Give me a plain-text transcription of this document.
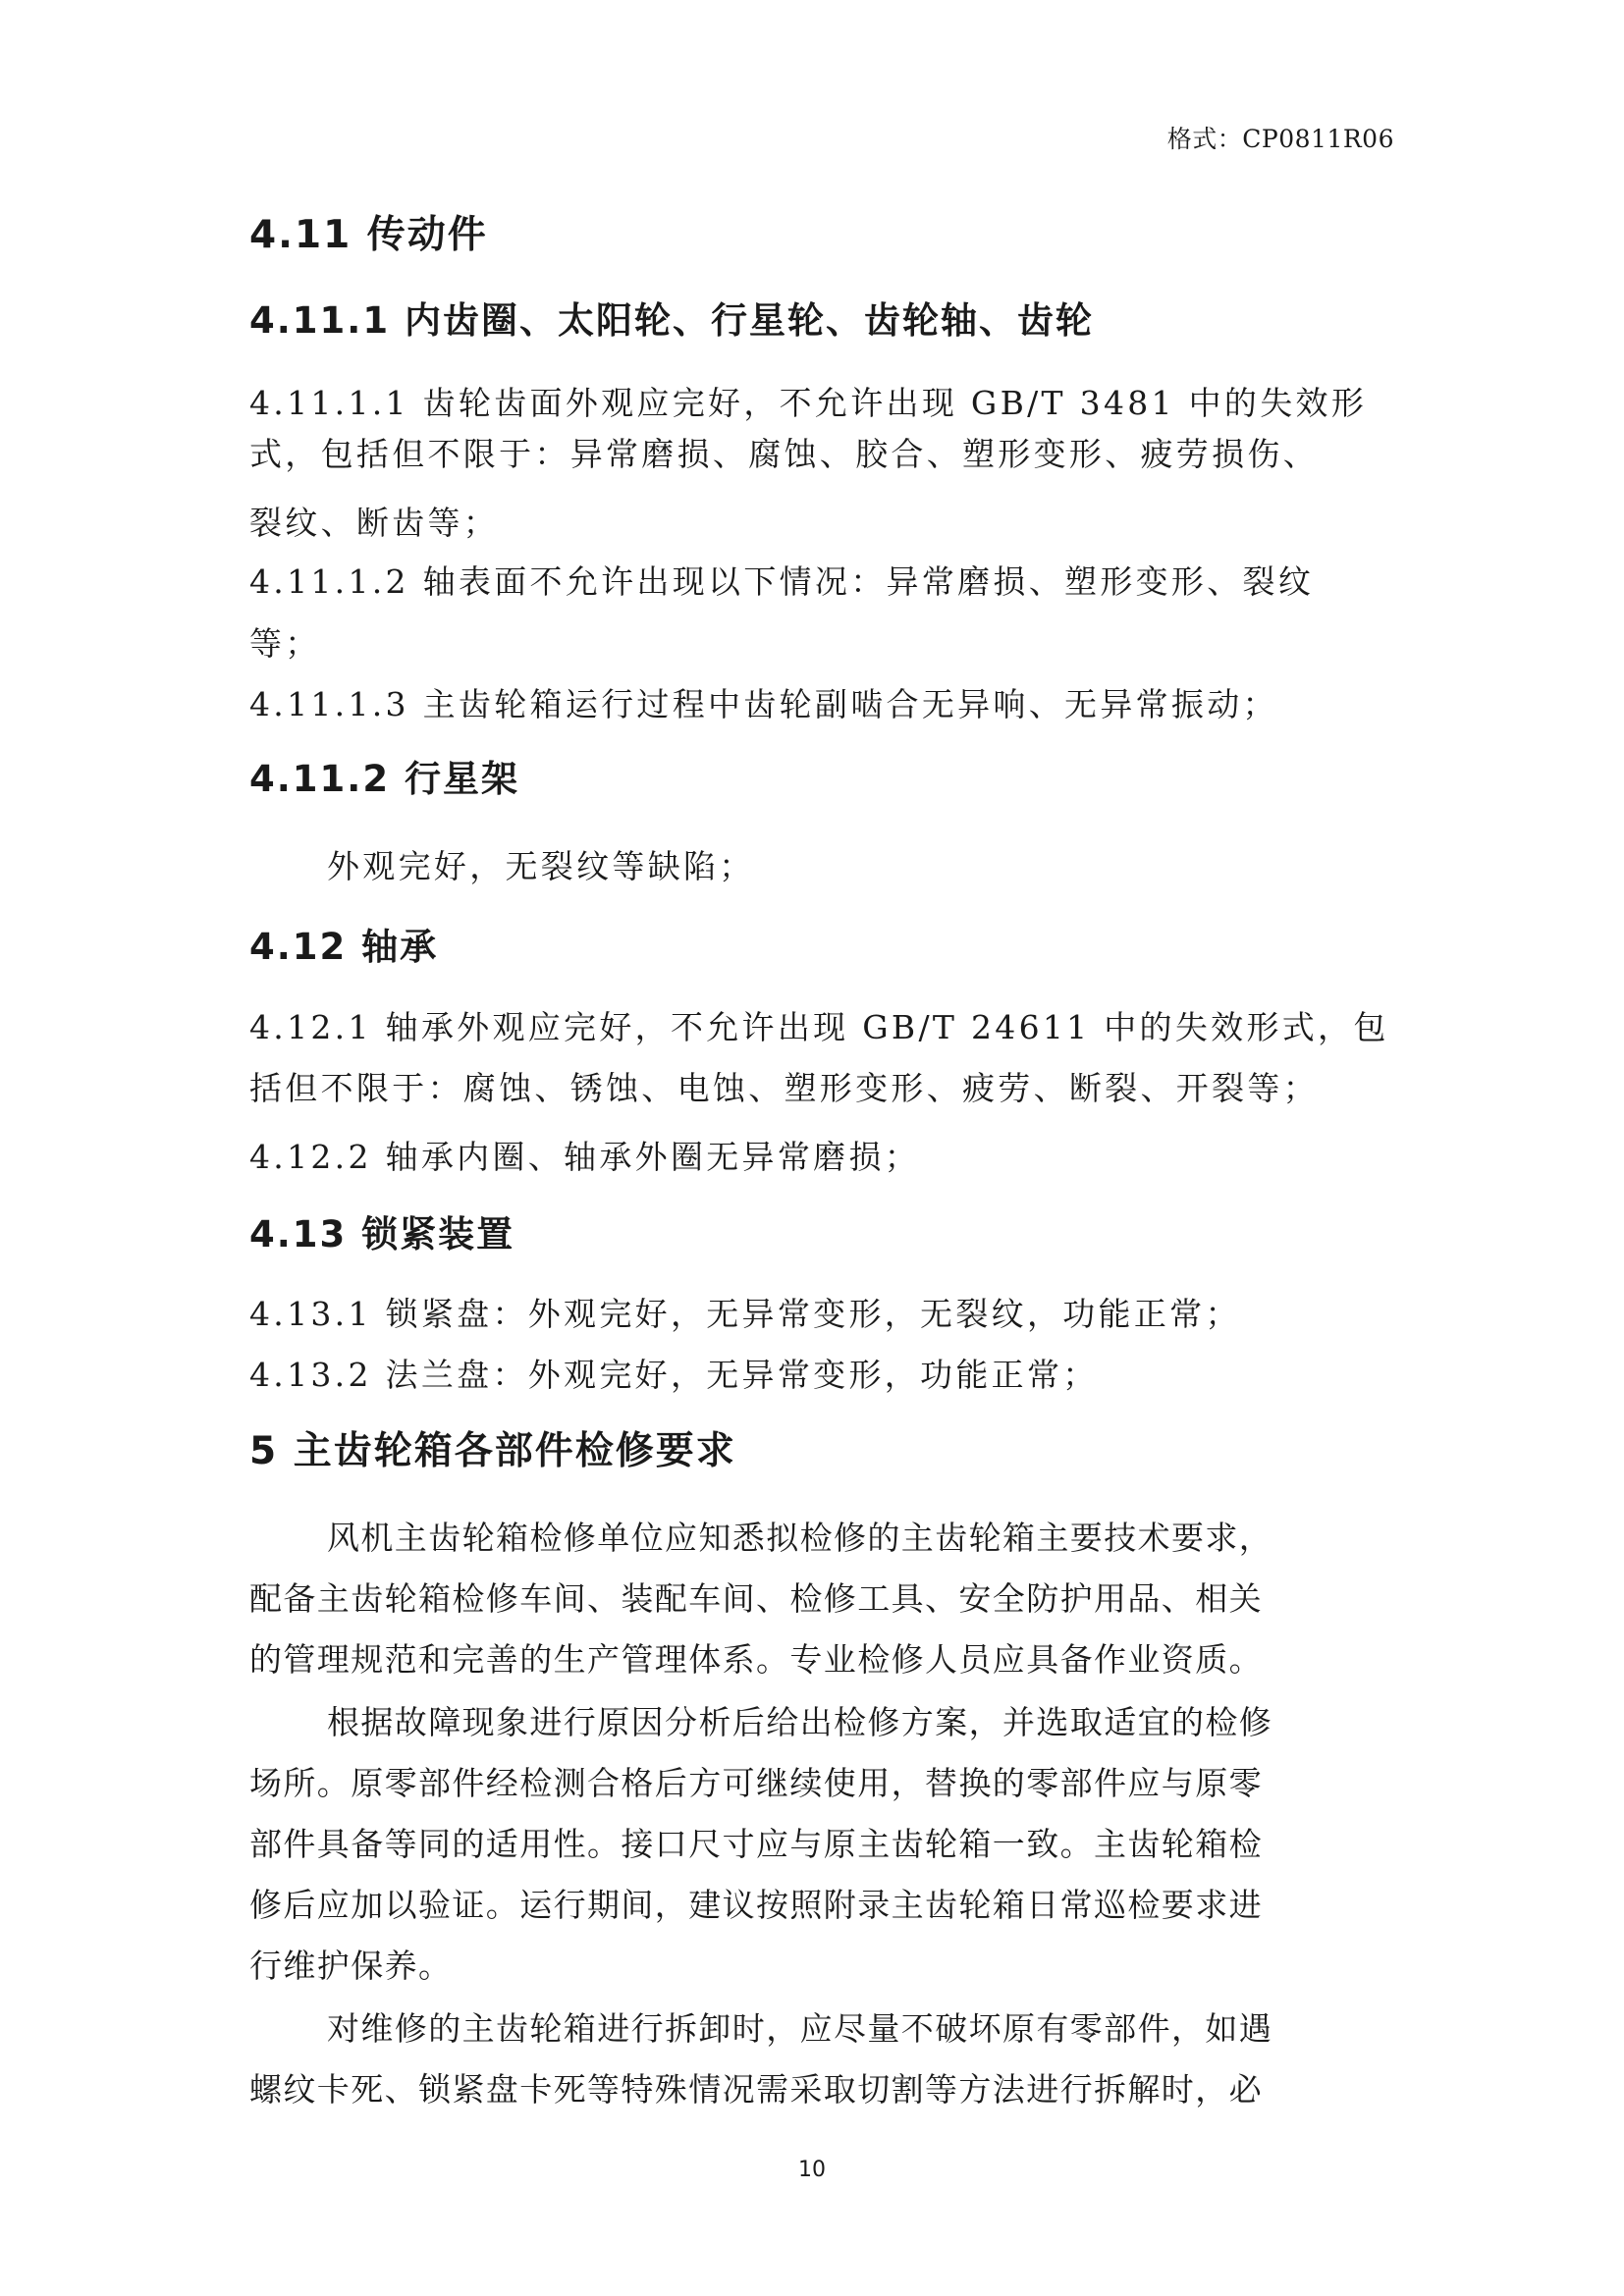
格式：CP0811R06
4.11 传动件
4.11.1 内齿圈、太阳轮、行星轮、齿轮轴、齿轮
4.11.1.1 齿轮齿面外观应完好，不允许出现 GB/T 3481 中的失效形
式，包括但不限于：异常磨损、腐蚀、胶合、塑形变形、疲劳损伤、
裂纹、断齿等；
4.11.1.2 轴表面不允许出现以下情况：异常磨损、塑形变形、裂纹
等；
4.11.1.3 主齿轮箱运行过程中齿轮副啮合无异响、无异常振动；
4.11.2 行星架
外观完好，无裂纹等缺陷；
4.12 轴承
4.12.1 轴承外观应完好，不允许出现 GB/T 24611 中的失效形式，包
括但不限于：腐蚀、锈蚀、电蚀、塑形变形、疲劳、断裂、开裂等；
4.12.2 轴承内圈、轴承外圈无异常磨损；
4.13 锁紧装置
4.13.1 锁紧盘：外观完好，无异常变形，无裂纹，功能正常；
4.13.2 法兰盘：外观完好，无异常变形，功能正常；
5 主齿轮箱各部件检修要求
风机主齿轮箱检修单位应知悉拟检修的主齿轮箱主要技术要求，
配备主齿轮箱检修车间、装配车间、检修工具、安全防护用品、相关
的管理规范和完善的生产管理体系。专业检修人员应具备作业资质。
根据故障现象进行原因分析后给出检修方案，并选取适宜的检修
场所。原零部件经检测合格后方可继续使用，替换的零部件应与原零
部件具备等同的适用性。接口尺寸应与原主齿轮箱一致。主齿轮箱检
修后应加以验证。运行期间，建议按照附录主齿轮箱日常巡检要求进
行维护保养。
对维修的主齿轮箱进行拆卸时，应尽量不破坏原有零部件，如遇
螺纹卡死、锁紧盘卡死等特殊情况需采取切割等方法进行拆解时，必
10
